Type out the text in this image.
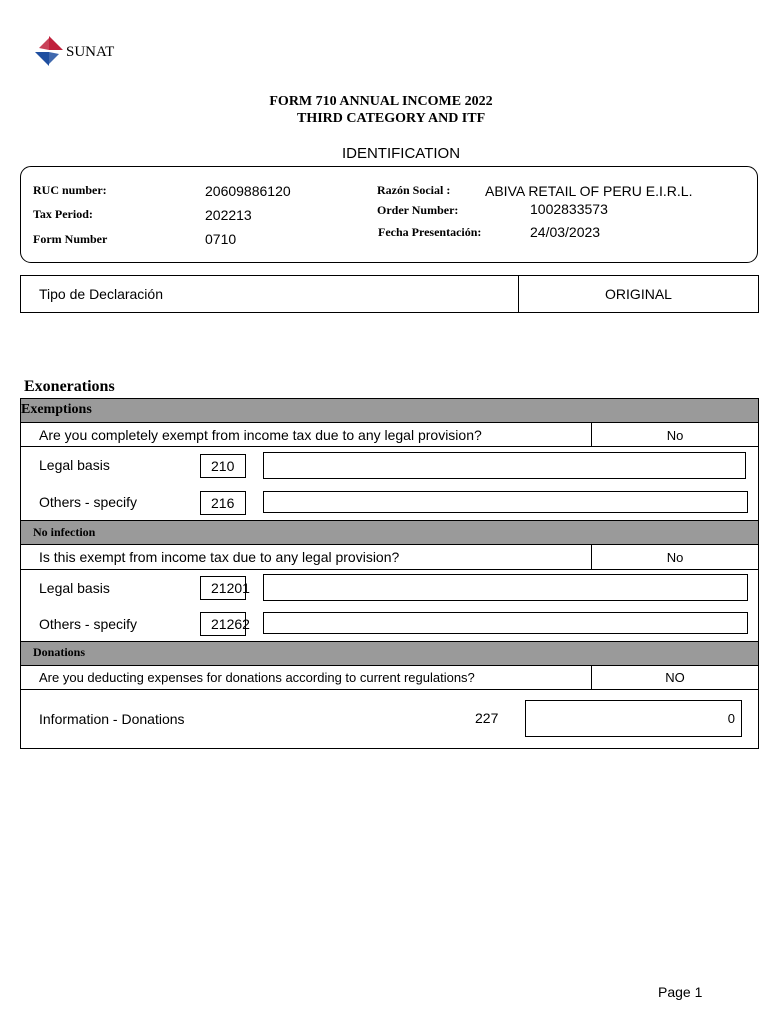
SUNAT
FORM 710 ANNUAL INCOME 2022
THIRD CATEGORY AND ITF
IDENTIFICATION
RUC number:	20609886120
Tax Period:	202213
Form Number	0710
Razón Social : ABIVA RETAIL OF PERU E.I.R.L.
Order Number:	1002833573
Fecha Presentación:	24/03/2023
Tipo de Declaración	ORIGINAL
Exonerations
Exemptions
Are you completely exempt from income tax due to any legal provision?	No
Legal basis	210
Others - specify	216
No infection
Is this exempt from income tax due to any legal provision?	No
Legal basis	21201
Others - specify	21262
Donations
Are you deducting expenses for donations according to current regulations?	NO
Information - Donations	227	0
Page 1
